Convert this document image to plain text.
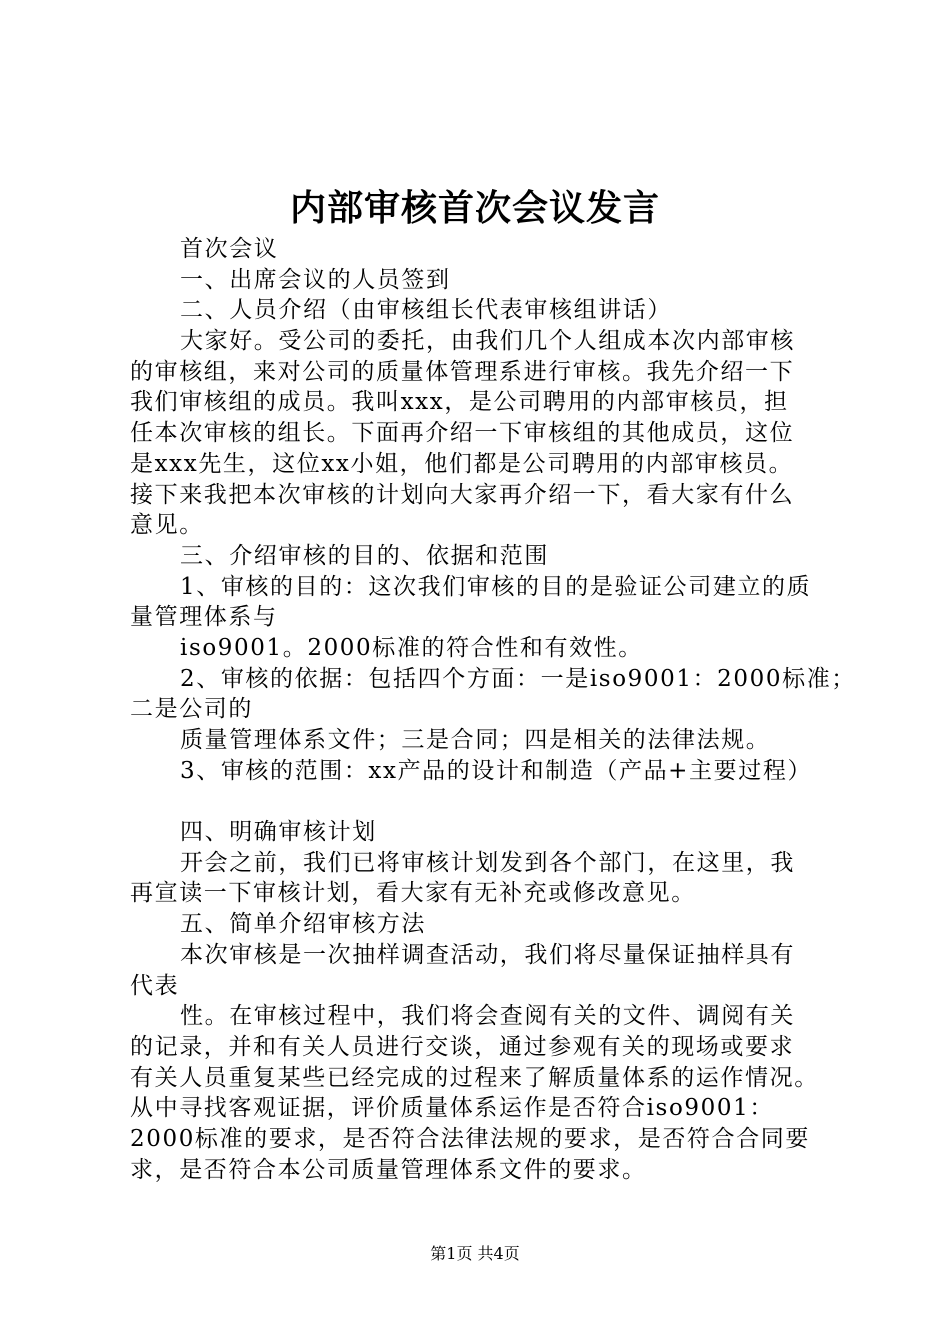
内部审核首次会议发言
首次会议
一、出席会议的人员签到
二、人员介绍（由审核组长代表审核组讲话）
大家好。受公司的委托，由我们几个人组成本次内部审核
的审核组，来对公司的质量体管理系进行审核。我先介绍一下
我们审核组的成员。我叫xxx，是公司聘用的内部审核员，担
任本次审核的组长。下面再介绍一下审核组的其他成员，这位
是xxx先生，这位xx小姐，他们都是公司聘用的内部审核员。
接下来我把本次审核的计划向大家再介绍一下，看大家有什么
意见。
三、介绍审核的目的、依据和范围
1、审核的目的：这次我们审核的目的是验证公司建立的质
量管理体系与
iso9001。2000标准的符合性和有效性。
2、审核的依据：包括四个方面：一是iso9001：2000标准；
二是公司的
质量管理体系文件；三是合同；四是相关的法律法规。
3、审核的范围：xx产品的设计和制造（产品+主要过程）
四、明确审核计划
开会之前，我们已将审核计划发到各个部门，在这里，我
再宣读一下审核计划，看大家有无补充或修改意见。
五、简单介绍审核方法
本次审核是一次抽样调查活动，我们将尽量保证抽样具有
代表
性。在审核过程中，我们将会查阅有关的文件、调阅有关
的记录，并和有关人员进行交谈，通过参观有关的现场或要求
有关人员重复某些已经完成的过程来了解质量体系的运作情况。
从中寻找客观证据，评价质量体系运作是否符合iso9001：
2000标准的要求，是否符合法律法规的要求，是否符合合同要
求，是否符合本公司质量管理体系文件的要求。
第1页 共4页
